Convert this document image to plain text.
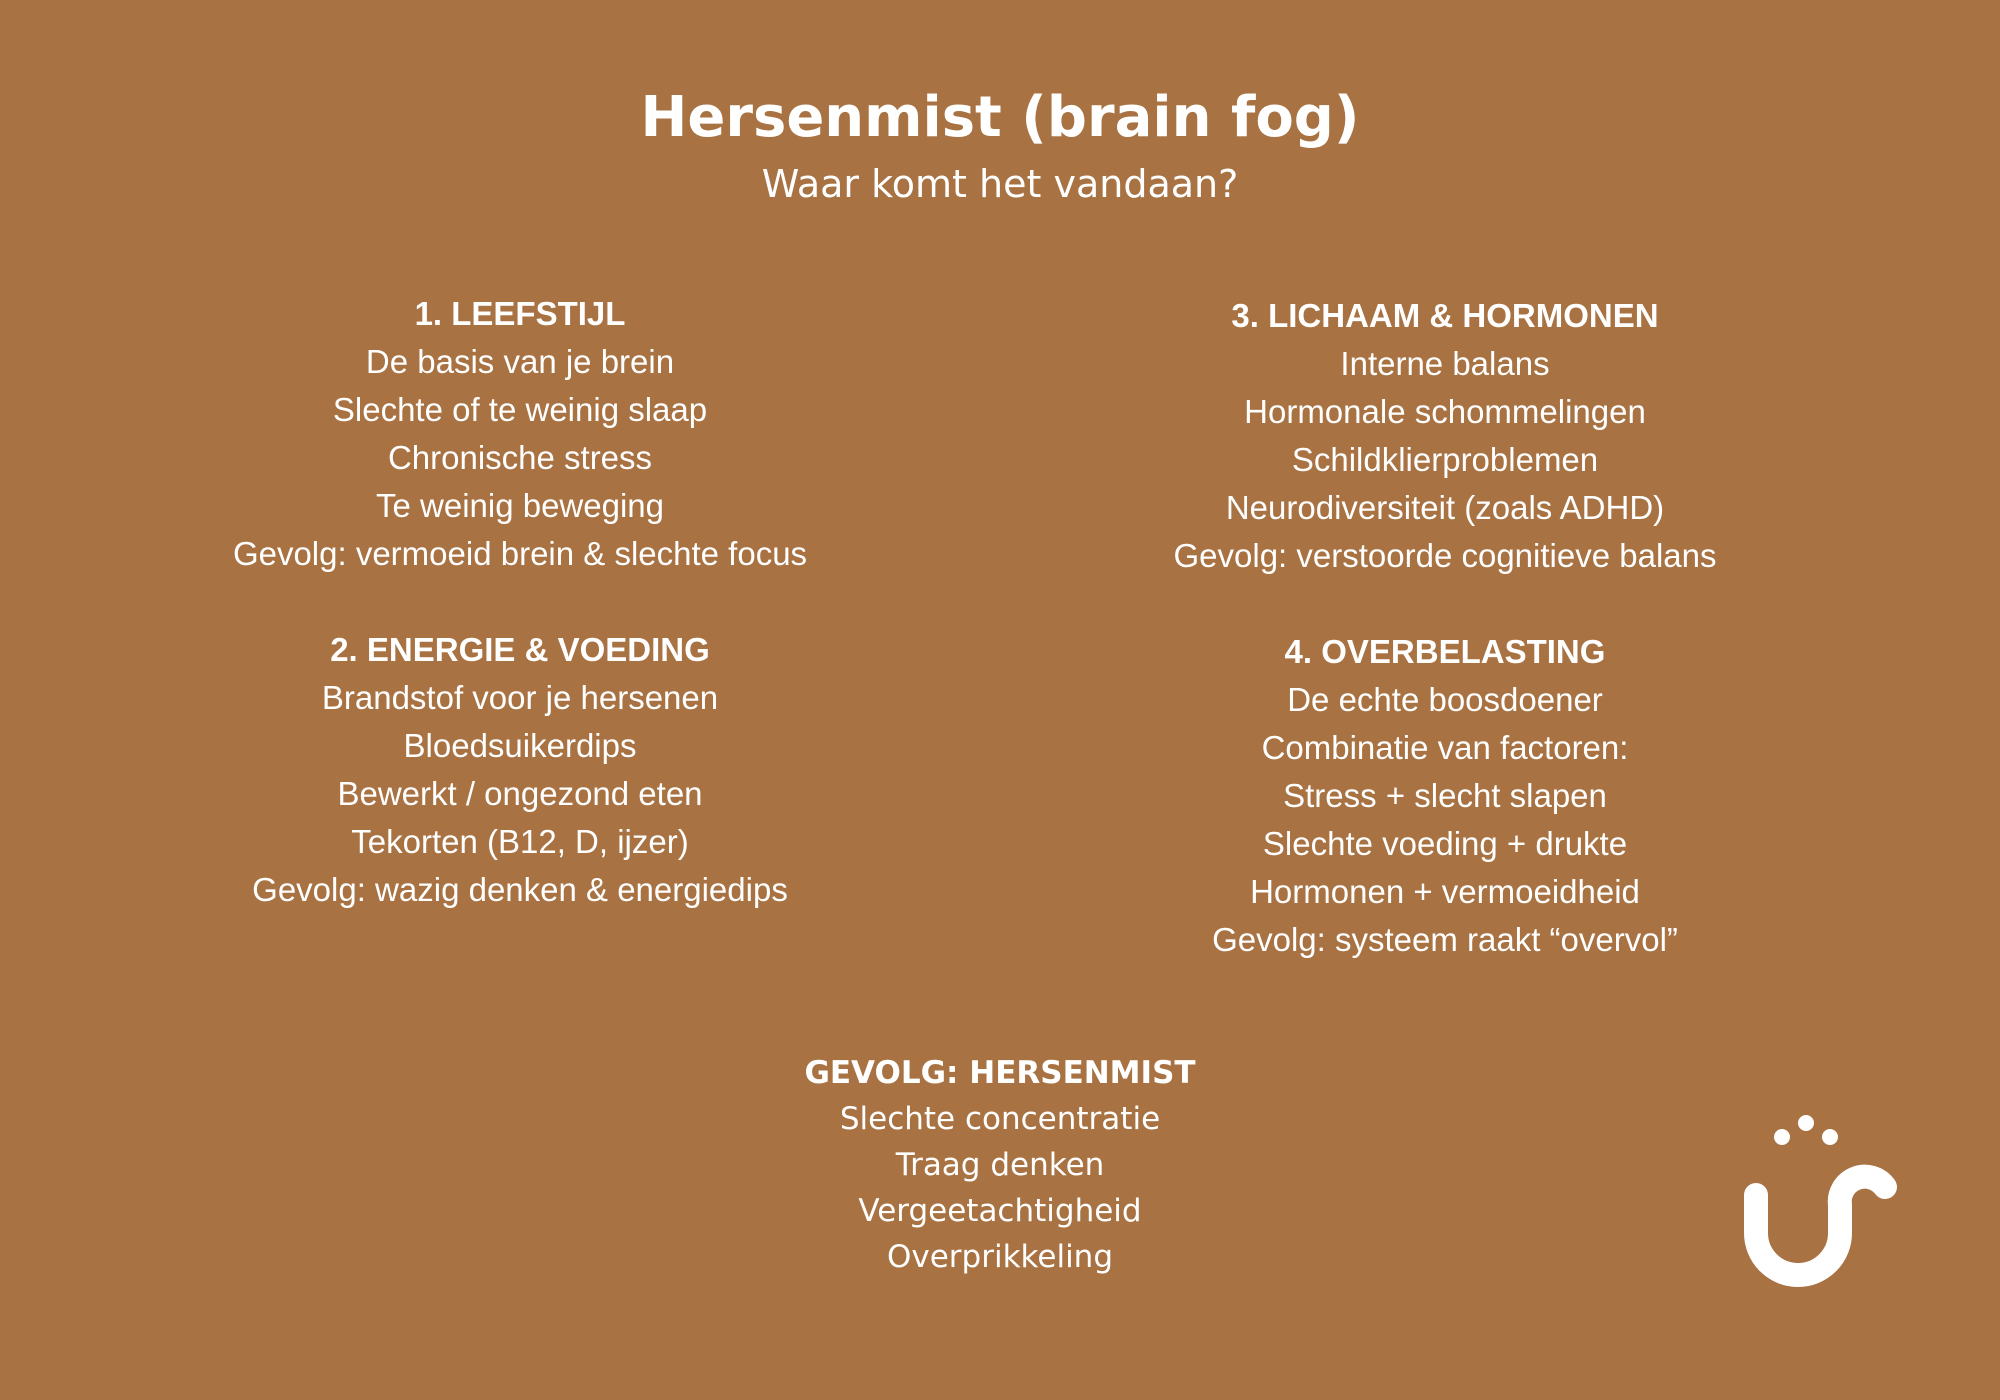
Hersenmist (brain fog)

Waar komt het vandaan?

1. LEEFSTIJL
De basis van je brein
Slechte of te weinig slaap
Chronische stress
Te weinig beweging
Gevolg: vermoeid brein & slechte focus
2. ENERGIE & VOEDING
Brandstof voor je hersenen
Bloedsuikerdips
Bewerkt / ongezond eten
Tekorten (B12, D, ijzer)
Gevolg: wazig denken & energiedips
3. LICHAAM & HORMONEN
Interne balans
Hormonale schommelingen
Schildklierproblemen
Neurodiversiteit (zoals ADHD)
Gevolg: verstoorde cognitieve balans
4. OVERBELASTING
De echte boosdoener
Combinatie van factoren:
Stress + slecht slapen
Slechte voeding + drukte
Hormonen + vermoeidheid
Gevolg: systeem raakt “overvol”
GEVOLG: HERSENMIST
Slechte concentratie
Traag denken
Vergeetachtigheid
Overprikkeling
